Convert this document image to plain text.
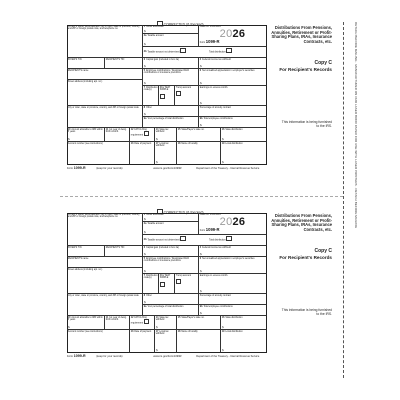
DETACH BEFORE MAILING · MANUFACTURED ON OUR LASER BOND PAPER FOR USE WITH LASER PRINTERS · DETACH BEFORE MAILING
CORRECTED (if checked)
PAYER'S name, street address, city or town, state or province, country, and ZIP or foreign postal code, and telephone no.
1Gross distribution
$
OMB No. 1545-0119
2026
Form 1099-R
2aTaxable amount
$
2bTaxable amount not determined	Total distribution
PAYER'S TIN	RECIPIENT'S TIN	3Capital gain (included in box 2a)
$
4Federal income tax withheld
$
RECIPIENT'S name	5Employee contributions / Designated Roth contributions or insurance premiums
$
6Net unrealized appreciation in employer's securities
$
Street address (including apt. no.)
7Distribution code(s)
IRA/ SEP/ SIMPLE
Trump account	Earnings on excess contrib.
$
8Other
$
Percentage of annuity contract
City or town, state or province, country, and ZIP or foreign postal code
9aYour percentage of total distribution	9bTotal employee contributions
$
10Amount allocable to IRR within 5 years
$
111st year of desig. Roth contrib.
12FATCA filing requirement
14State tax withheld
$
15State/Payer's state no.	16State distribution
$
Account number (see instructions)	13Date of payment	17Local tax withheld
$
18Name of locality	19Local distribution
$
Distributions From Pensions, Annuities, Retirement or Profit-Sharing Plans, IRAs, Insurance Contracts, etc.
Copy C
For Recipient's Records
This information is being furnished to the IRS.
Form 1099-R	(keep for your records)	www.irs.gov/Form1099R	Department of the Treasury - Internal Revenue Service
CORRECTED (if checked)
PAYER'S name, street address, city or town, state or province, country, and ZIP or foreign postal code, and telephone no.
1Gross distribution
$
OMB No. 1545-0119
2026
Form 1099-R
2aTaxable amount
$
2bTaxable amount not determined	Total distribution
PAYER'S TIN	RECIPIENT'S TIN	3Capital gain (included in box 2a)
$
4Federal income tax withheld
$
RECIPIENT'S name	5Employee contributions / Designated Roth contributions or insurance premiums
$
6Net unrealized appreciation in employer's securities
$
Street address (including apt. no.)
7Distribution code(s)
IRA/ SEP/ SIMPLE
Trump account	Earnings on excess contrib.
$
8Other
$
Percentage of annuity contract
City or town, state or province, country, and ZIP or foreign postal code
9aYour percentage of total distribution	9bTotal employee contributions
$
10Amount allocable to IRR within 5 years
$
111st year of desig. Roth contrib.
12FATCA filing requirement
14State tax withheld
$
15State/Payer's state no.	16State distribution
$
Account number (see instructions)	13Date of payment	17Local tax withheld
$
18Name of locality	19Local distribution
$
Distributions From Pensions, Annuities, Retirement or Profit-Sharing Plans, IRAs, Insurance Contracts, etc.
Copy C
For Recipient's Records
This information is being furnished to the IRS.
Form 1099-R	(keep for your records)	www.irs.gov/Form1099R	Department of the Treasury - Internal Revenue Service
